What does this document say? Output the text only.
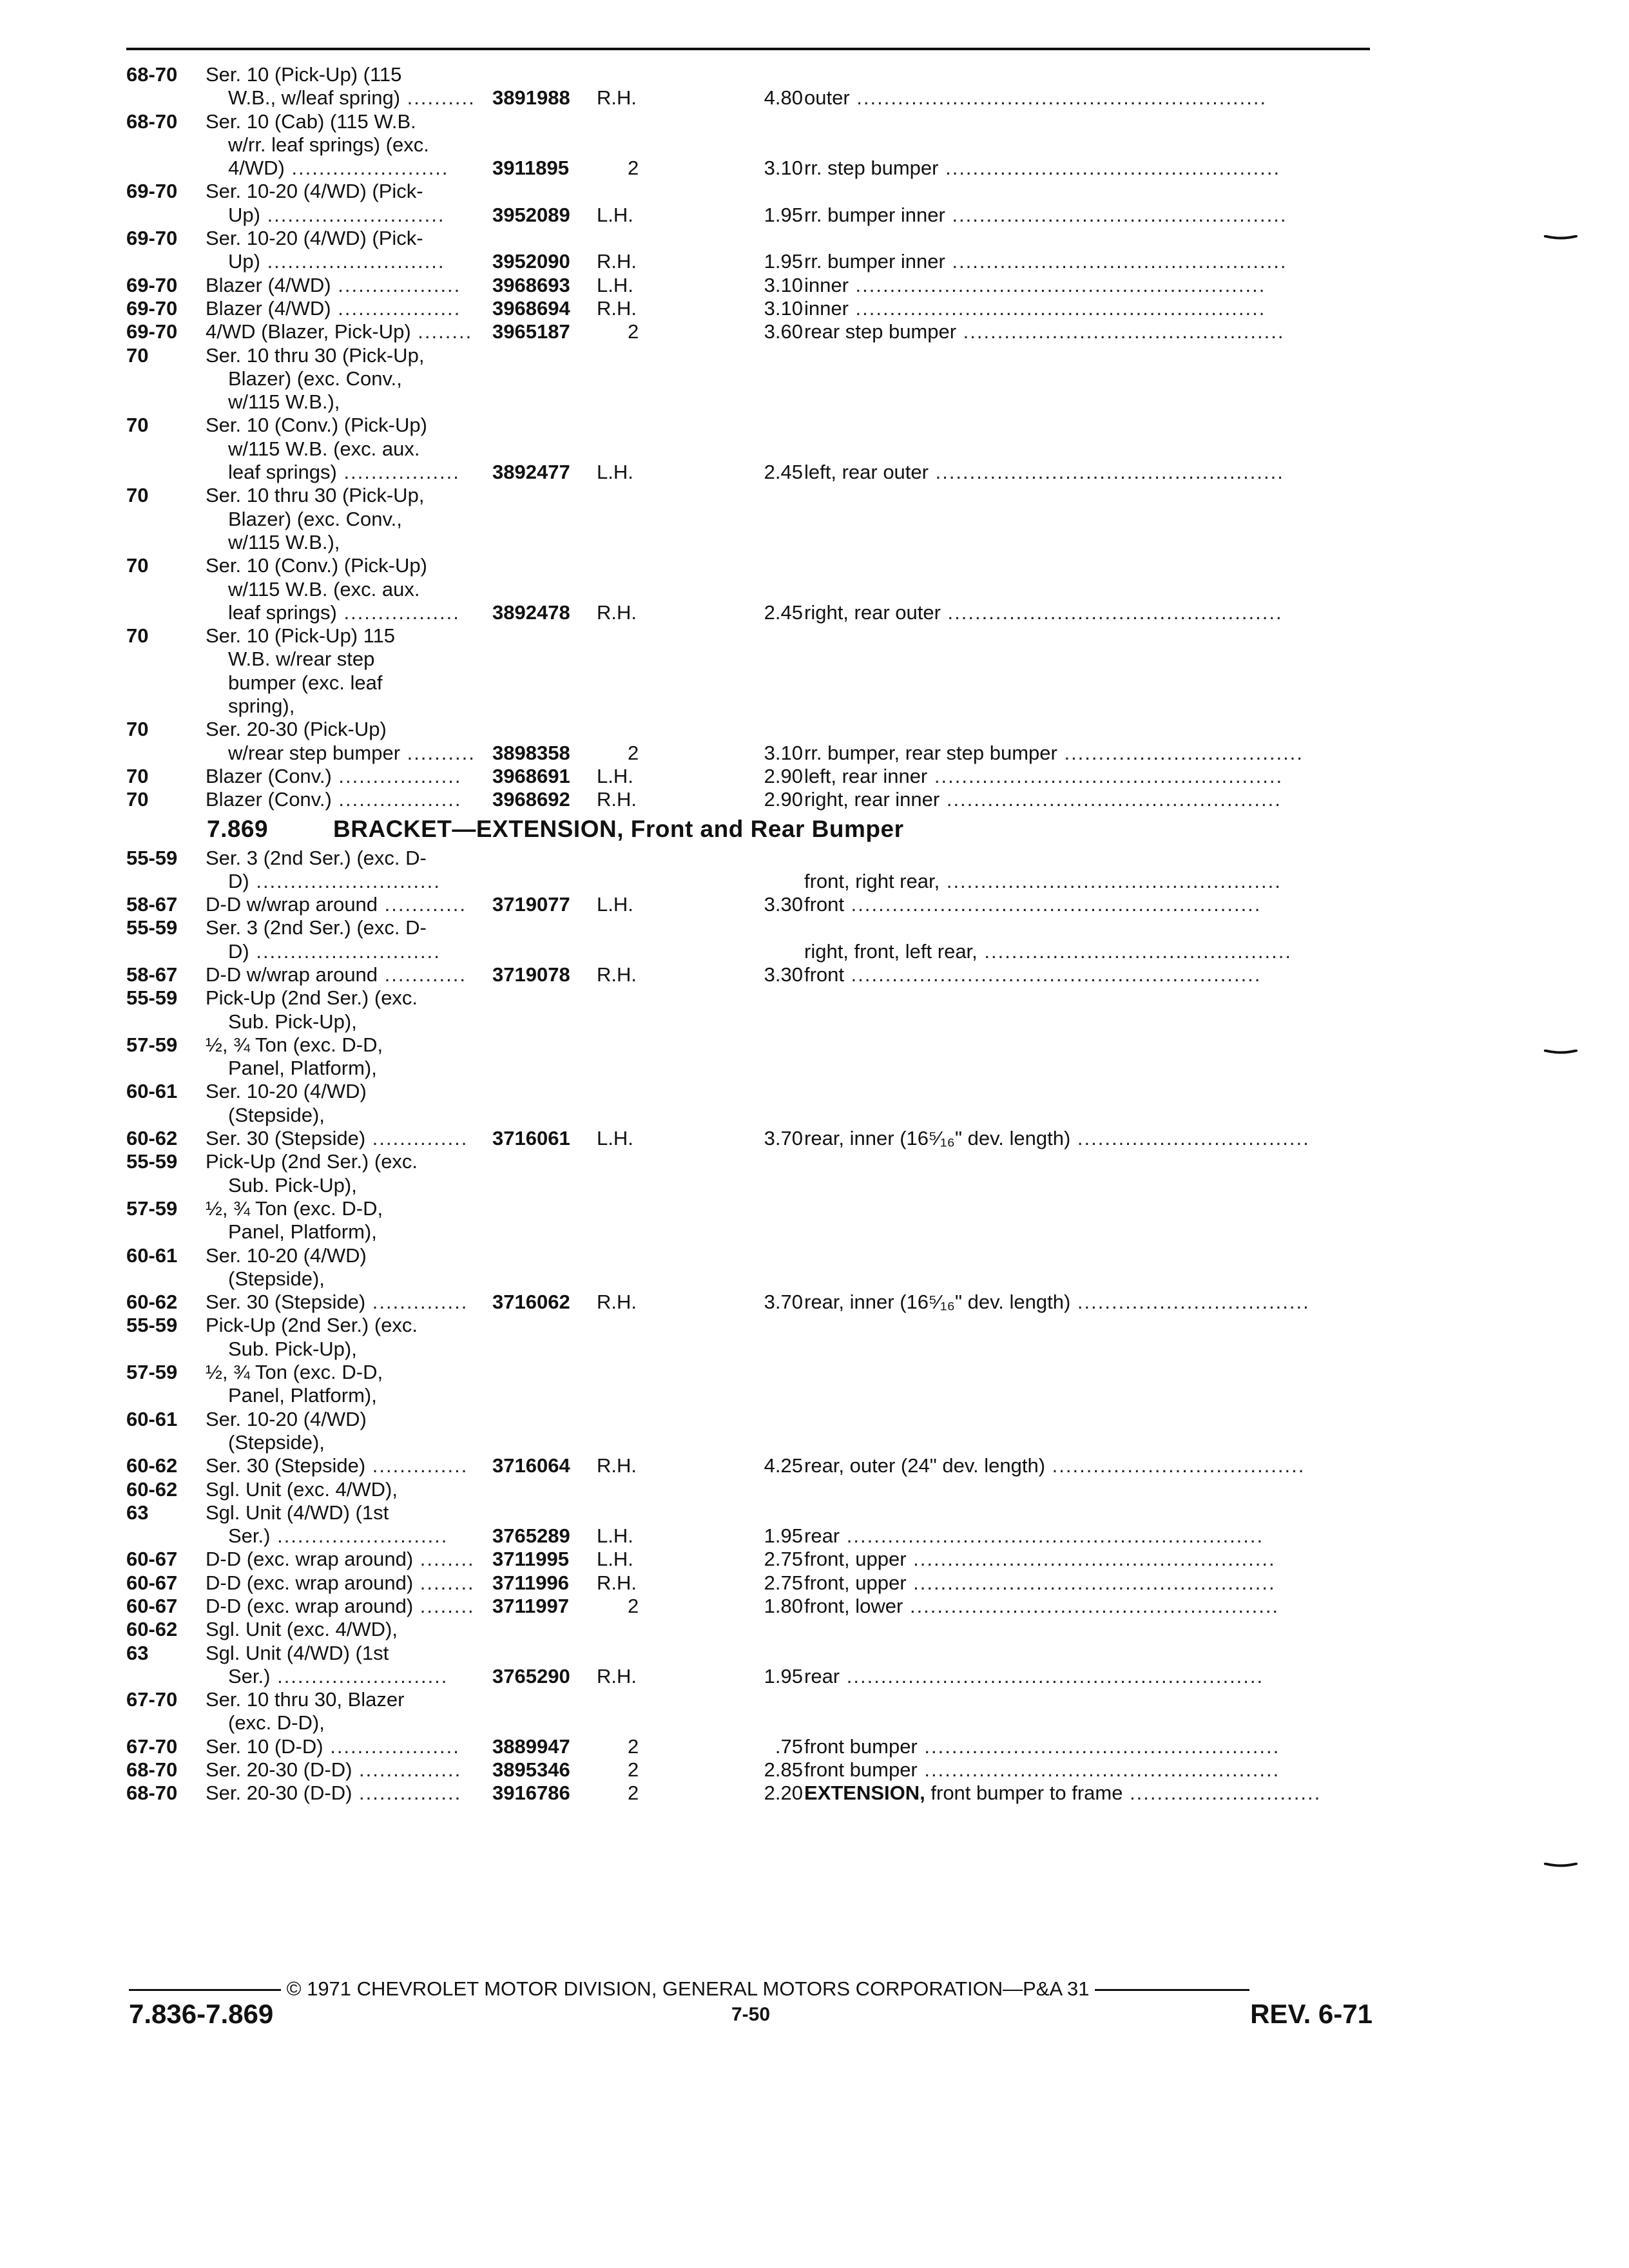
68-70 Ser. 10 (Pick-Up) (115
W.B., w/leaf spring) .......... 3891988 R.H.	4.80 outer ............................................................
68-70 Ser. 10 (Cab) (115 W.B.
w/rr. leaf springs) (exc.
4/WD) ....................... 3911895	2	3.10 rr. step bumper .................................................
69-70 Ser. 10-20 (4/WD) (Pick-
Up) .......................... 3952089 L.H.	1.95 rr. bumper inner .................................................
69-70 Ser. 10-20 (4/WD) (Pick-
Up) .......................... 3952090 R.H.	1.95 rr. bumper inner .................................................
69-70 Blazer (4/WD) .................. 3968693 L.H.	3.10 inner ............................................................
69-70 Blazer (4/WD) .................. 3968694 R.H.	3.10 inner ............................................................
69-70 4/WD (Blazer, Pick-Up) ........ 3965187	2	3.60 rear step bumper ...............................................
70	Ser. 10 thru 30 (Pick-Up,
Blazer) (exc. Conv.,
w/115 W.B.),
70	Ser. 10 (Conv.) (Pick-Up)
w/115 W.B. (exc. aux.
leaf springs) ................. 3892477 L.H.	2.45 left, rear outer ...................................................
70	Ser. 10 thru 30 (Pick-Up,
Blazer) (exc. Conv.,
w/115 W.B.),
70	Ser. 10 (Conv.) (Pick-Up)
w/115 W.B. (exc. aux.
leaf springs) ................. 3892478 R.H.	2.45 right, rear outer .................................................
70	Ser. 10 (Pick-Up) 115
W.B. w/rear step
bumper (exc. leaf
spring),
70	Ser. 20-30 (Pick-Up)
w/rear step bumper .......... 3898358	2	3.10 rr. bumper, rear step bumper ...................................
70	Blazer (Conv.) .................. 3968691 L.H.	2.90 left, rear inner ...................................................
70	Blazer (Conv.) .................. 3968692 R.H.	2.90 right, rear inner .................................................
7.869	BRACKET—EXTENSION, Front and Rear Bumper
55-59 Ser. 3 (2nd Ser.) (exc. D-
D) ...........................	front, right rear, .................................................
58-67 D-D w/wrap around ............ 3719077 L.H.	3.30 front ............................................................
55-59 Ser. 3 (2nd Ser.) (exc. D-
D) ...........................	right, front, left rear, .............................................
58-67 D-D w/wrap around ............ 3719078 R.H.	3.30 front ............................................................
55-59 Pick-Up (2nd Ser.) (exc.
Sub. Pick-Up),
57-59 ½, ¾ Ton (exc. D-D,
Panel, Platform),
60-61 Ser. 10-20 (4/WD)
(Stepside),
60-62 Ser. 30 (Stepside) .............. 3716061 L.H.	3.70 rear, inner (16⁵⁄₁₆" dev. length) ..................................
55-59 Pick-Up (2nd Ser.) (exc.
Sub. Pick-Up),
57-59 ½, ¾ Ton (exc. D-D,
Panel, Platform),
60-61 Ser. 10-20 (4/WD)
(Stepside),
60-62 Ser. 30 (Stepside) .............. 3716062 R.H.	3.70 rear, inner (16⁵⁄₁₆" dev. length) ..................................
55-59 Pick-Up (2nd Ser.) (exc.
Sub. Pick-Up),
57-59 ½, ¾ Ton (exc. D-D,
Panel, Platform),
60-61 Ser. 10-20 (4/WD)
(Stepside),
60-62 Ser. 30 (Stepside) .............. 3716064 R.H.	4.25 rear, outer (24" dev. length) .....................................
60-62 Sgl. Unit (exc. 4/WD),
63	Sgl. Unit (4/WD) (1st
Ser.) ......................... 3765289 L.H.	1.95 rear .............................................................
60-67 D-D (exc. wrap around) ........ 3711995 L.H.	2.75 front, upper .....................................................
60-67 D-D (exc. wrap around) ........ 3711996 R.H.	2.75 front, upper .....................................................
60-67 D-D (exc. wrap around) ........ 3711997	2	1.80 front, lower ......................................................
60-62 Sgl. Unit (exc. 4/WD),
63	Sgl. Unit (4/WD) (1st
Ser.) ......................... 3765290 R.H.	1.95 rear .............................................................
67-70 Ser. 10 thru 30, Blazer
(exc. D-D),
67-70 Ser. 10 (D-D) ................... 3889947	2	.75 front bumper ....................................................
68-70 Ser. 20-30 (D-D) ............... 3895346	2	2.85 front bumper ....................................................
68-70 Ser. 20-30 (D-D) ............... 3916786	2	2.20 EXTENSION, front bumper to frame ............................
© 1971 CHEVROLET MOTOR DIVISION, GENERAL MOTORS CORPORATION—P&A 31
7.836-7.869	7-50	REV. 6-71
